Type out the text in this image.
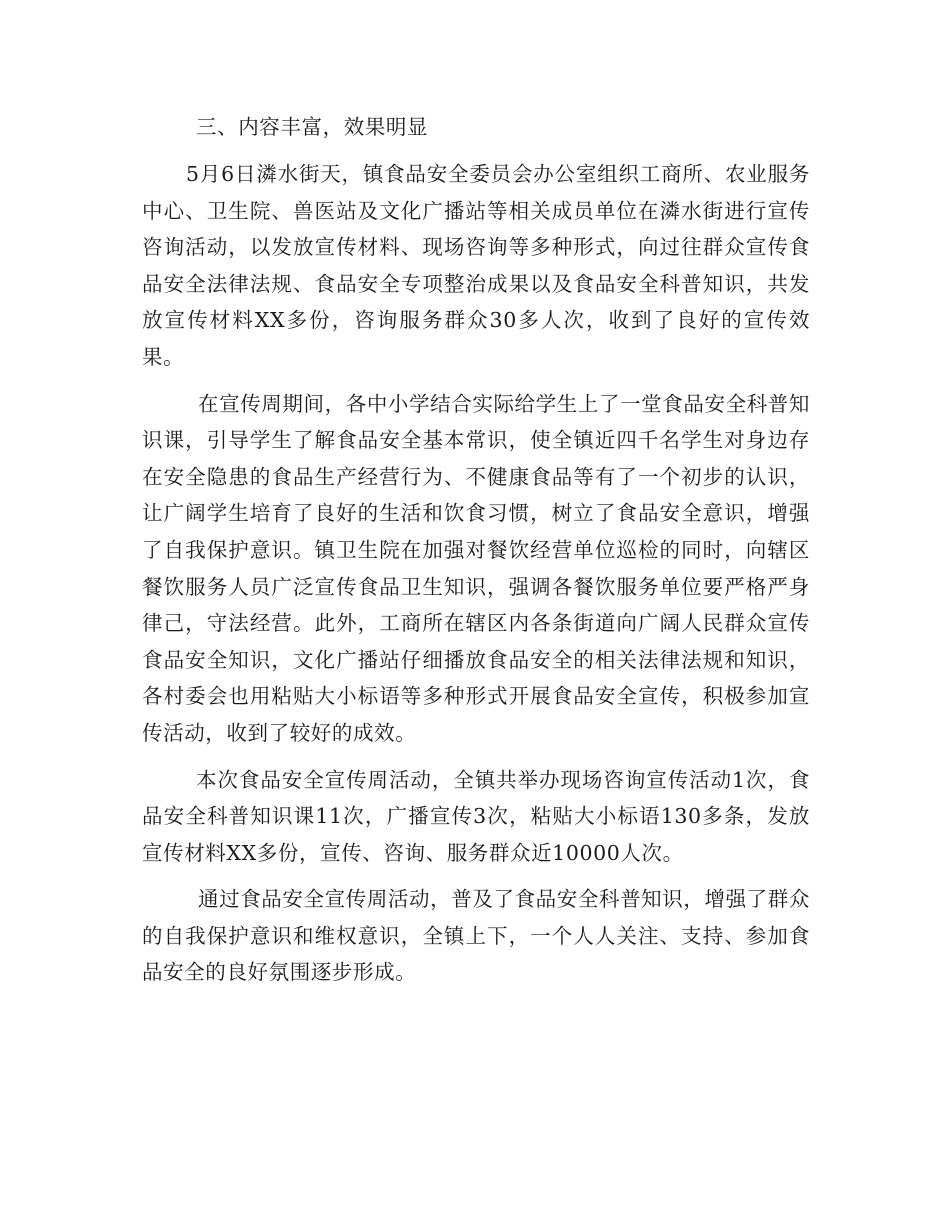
三、内容丰富，效果明显

5月6日潾水街天，镇食品安全委员会办公室组织工商所、农业服务中心、卫生院、兽医站及文化广播站等相关成员单位在潾水街进行宣传咨询活动，以发放宣传材料、现场咨询等多种形式，向过往群众宣传食品安全法律法规、食品安全专项整治成果以及食品安全科普知识，共发放宣传材料XX多份，咨询服务群众30多人次，收到了良好的宣传效果。

在宣传周期间，各中小学结合实际给学生上了一堂食品安全科普知识课，引导学生了解食品安全基本常识，使全镇近四千名学生对身边存在安全隐患的食品生产经营行为、不健康食品等有了一个初步的认识，让广阔学生培育了良好的生活和饮食习惯，树立了食品安全意识，增强了自我保护意识。镇卫生院在加强对餐饮经营单位巡检的同时，向辖区餐饮服务人员广泛宣传食品卫生知识，强调各餐饮服务单位要严格严身律己，守法经营。此外，工商所在辖区内各条街道向广阔人民群众宣传食品安全知识，文化广播站仔细播放食品安全的相关法律法规和知识，各村委会也用粘贴大小标语等多种形式开展食品安全宣传，积极参加宣传活动，收到了较好的成效。

本次食品安全宣传周活动，全镇共举办现场咨询宣传活动1次，食品安全科普知识课11次，广播宣传3次，粘贴大小标语130多条，发放宣传材料XX多份，宣传、咨询、服务群众近10000人次。

通过食品安全宣传周活动，普及了食品安全科普知识，增强了群众的自我保护意识和维权意识，全镇上下，一个人人关注、支持、参加食品安全的良好氛围逐步形成。
